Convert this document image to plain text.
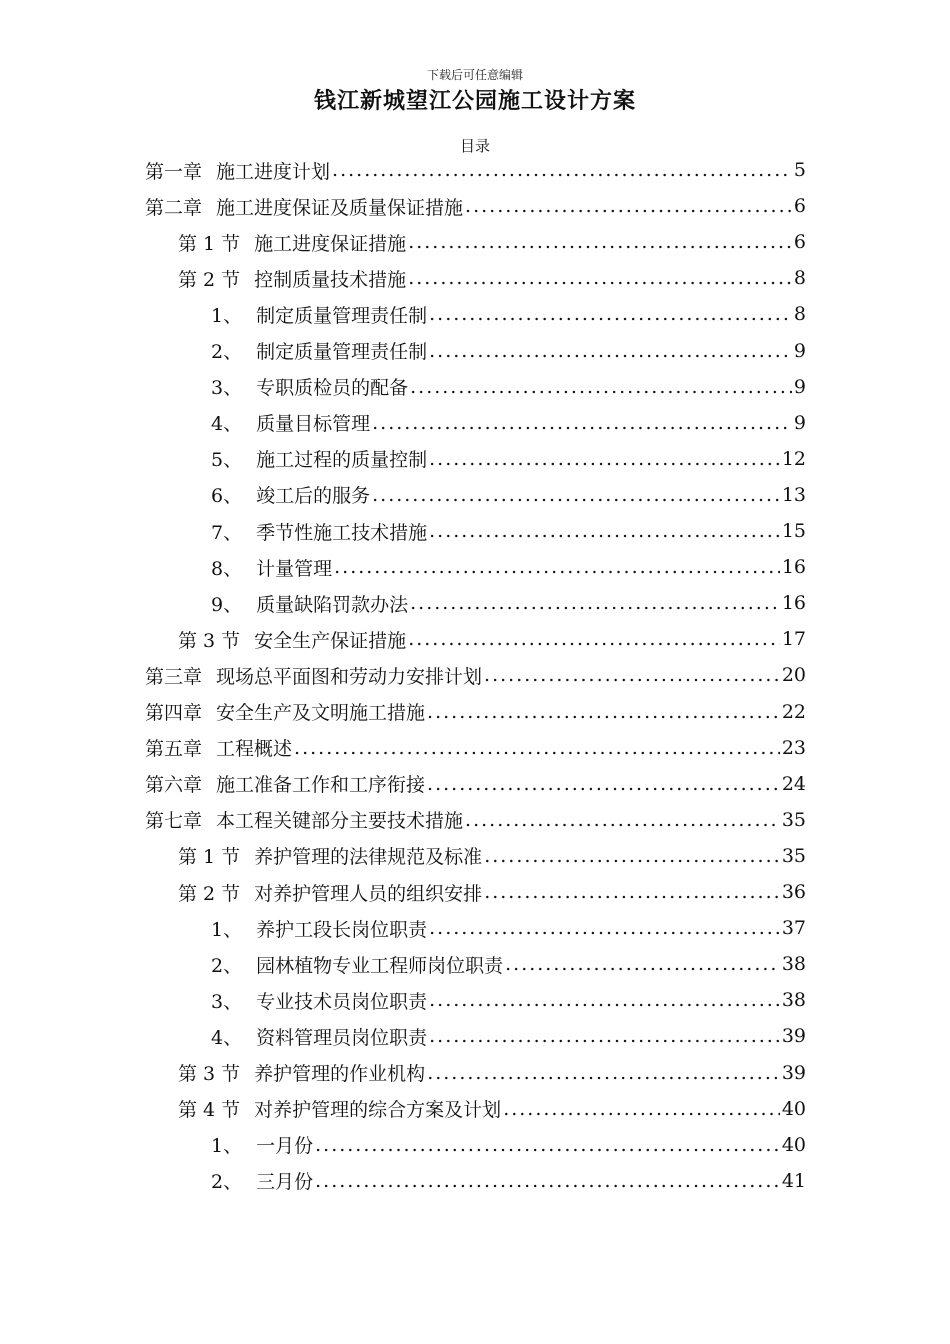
下载后可任意编辑
钱江新城望江公园施工设计方案
目录
第一章 施工进度计划 .....	5
第二章 施工进度保证及质量保证措施 .....	6
第 1 节 施工进度保证措施 .....	6
第 2 节 控制质量技术措施 .....	8
1、 制定质量管理责任制 .....	8
2、 制定质量管理责任制 .....	9
3、 专职质检员的配备 .....	9
4、 质量目标管理 .....	9
5、 施工过程的质量控制 .....	12
6、 竣工后的服务 .....	13
7、 季节性施工技术措施 .....	15
8、 计量管理 .....	16
9、 质量缺陷罚款办法 .....	16
第 3 节 安全生产保证措施 .....	17
第三章 现场总平面图和劳动力安排计划 .....	20
第四章 安全生产及文明施工措施 .....	22
第五章 工程概述 .....	23
第六章 施工准备工作和工序衔接 .....	24
第七章 本工程关键部分主要技术措施 .....	35
第 1 节 养护管理的法律规范及标准 .....	35
第 2 节 对养护管理人员的组织安排 .....	36
1、 养护工段长岗位职责 .....	37
2、 园林植物专业工程师岗位职责 .....	38
3、 专业技术员岗位职责 .....	38
4、 资料管理员岗位职责 .....	39
第 3 节 养护管理的作业机构 .....	39
第 4 节 对养护管理的综合方案及计划 .....	40
1、 一月份 .....	40
2、 三月份 .....	41
